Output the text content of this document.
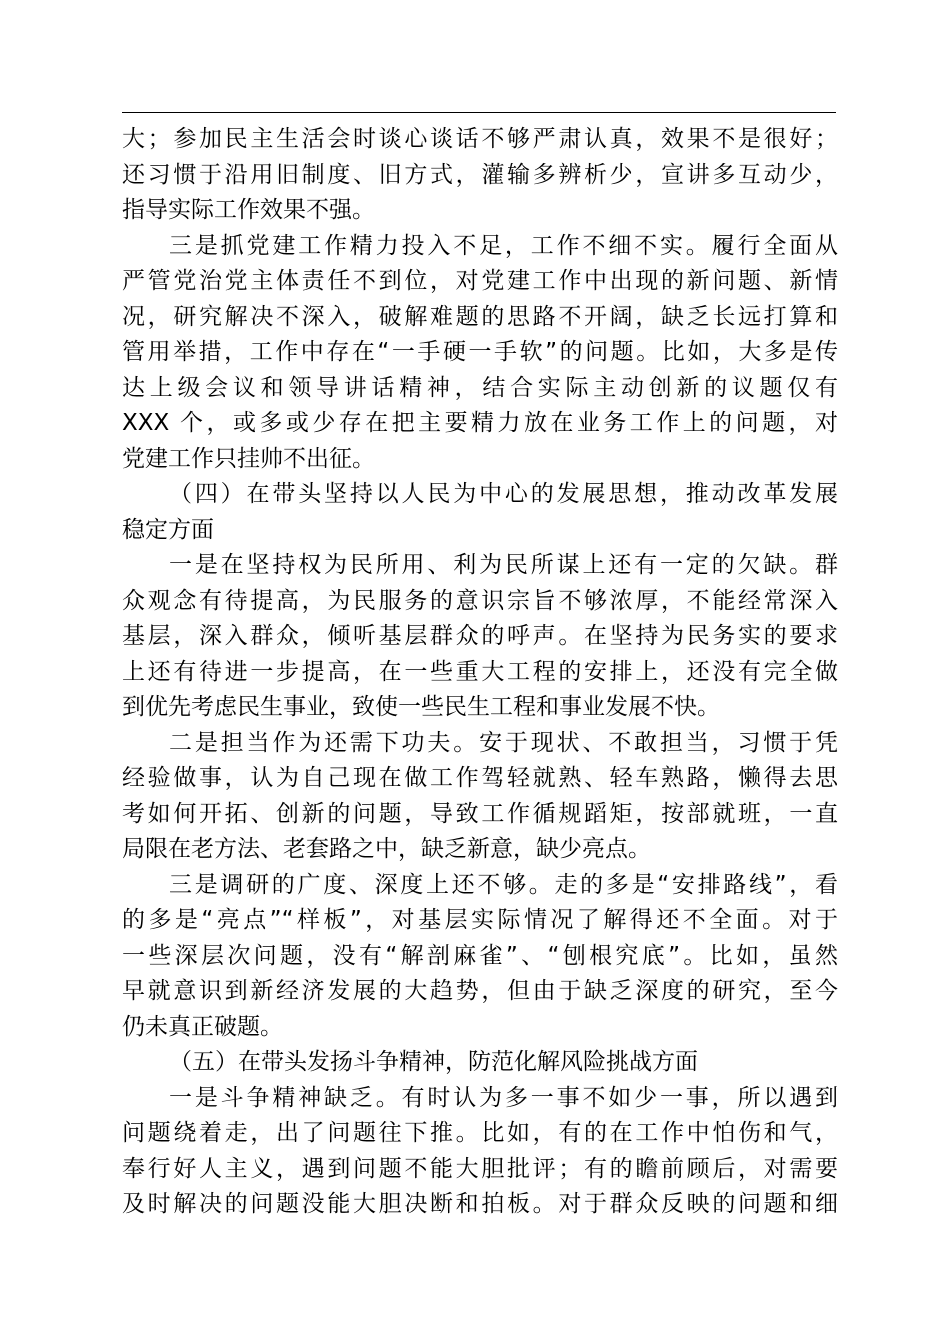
大；参加民主生活会时谈心谈话不够严肃认真，效果不是很好；
还习惯于沿用旧制度、旧方式，灌输多辨析少，宣讲多互动少，
指导实际工作效果不强。
三是抓党建工作精力投入不足，工作不细不实。履行全面从
严管党治党主体责任不到位，对党建工作中出现的新问题、新情
况，研究解决不深入，破解难题的思路不开阔，缺乏长远打算和
管用举措，工作中存在“一手硬一手软”的问题。比如，大多是传
达上级会议和领导讲话精神，结合实际主动创新的议题仅有
XXX 个，或多或少存在把主要精力放在业务工作上的问题，对
党建工作只挂帅不出征。
（四）在带头坚持以人民为中心的发展思想，推动改革发展
稳定方面
一是在坚持权为民所用、利为民所谋上还有一定的欠缺。群
众观念有待提高，为民服务的意识宗旨不够浓厚，不能经常深入
基层，深入群众，倾听基层群众的呼声。在坚持为民务实的要求
上还有待进一步提高，在一些重大工程的安排上，还没有完全做
到优先考虑民生事业，致使一些民生工程和事业发展不快。
二是担当作为还需下功夫。安于现状、不敢担当，习惯于凭
经验做事，认为自己现在做工作驾轻就熟、轻车熟路，懒得去思
考如何开拓、创新的问题，导致工作循规蹈矩，按部就班，一直
局限在老方法、老套路之中，缺乏新意，缺少亮点。
三是调研的广度、深度上还不够。走的多是“安排路线”，看
的多是“亮点”“样板”，对基层实际情况了解得还不全面。对于
一些深层次问题，没有“解剖麻雀”、“刨根究底”。比如，虽然
早就意识到新经济发展的大趋势，但由于缺乏深度的研究，至今
仍未真正破题。
（五）在带头发扬斗争精神，防范化解风险挑战方面
一是斗争精神缺乏。有时认为多一事不如少一事，所以遇到
问题绕着走，出了问题往下推。比如，有的在工作中怕伤和气，
奉行好人主义，遇到问题不能大胆批评；有的瞻前顾后，对需要
及时解决的问题没能大胆决断和拍板。对于群众反映的问题和细
